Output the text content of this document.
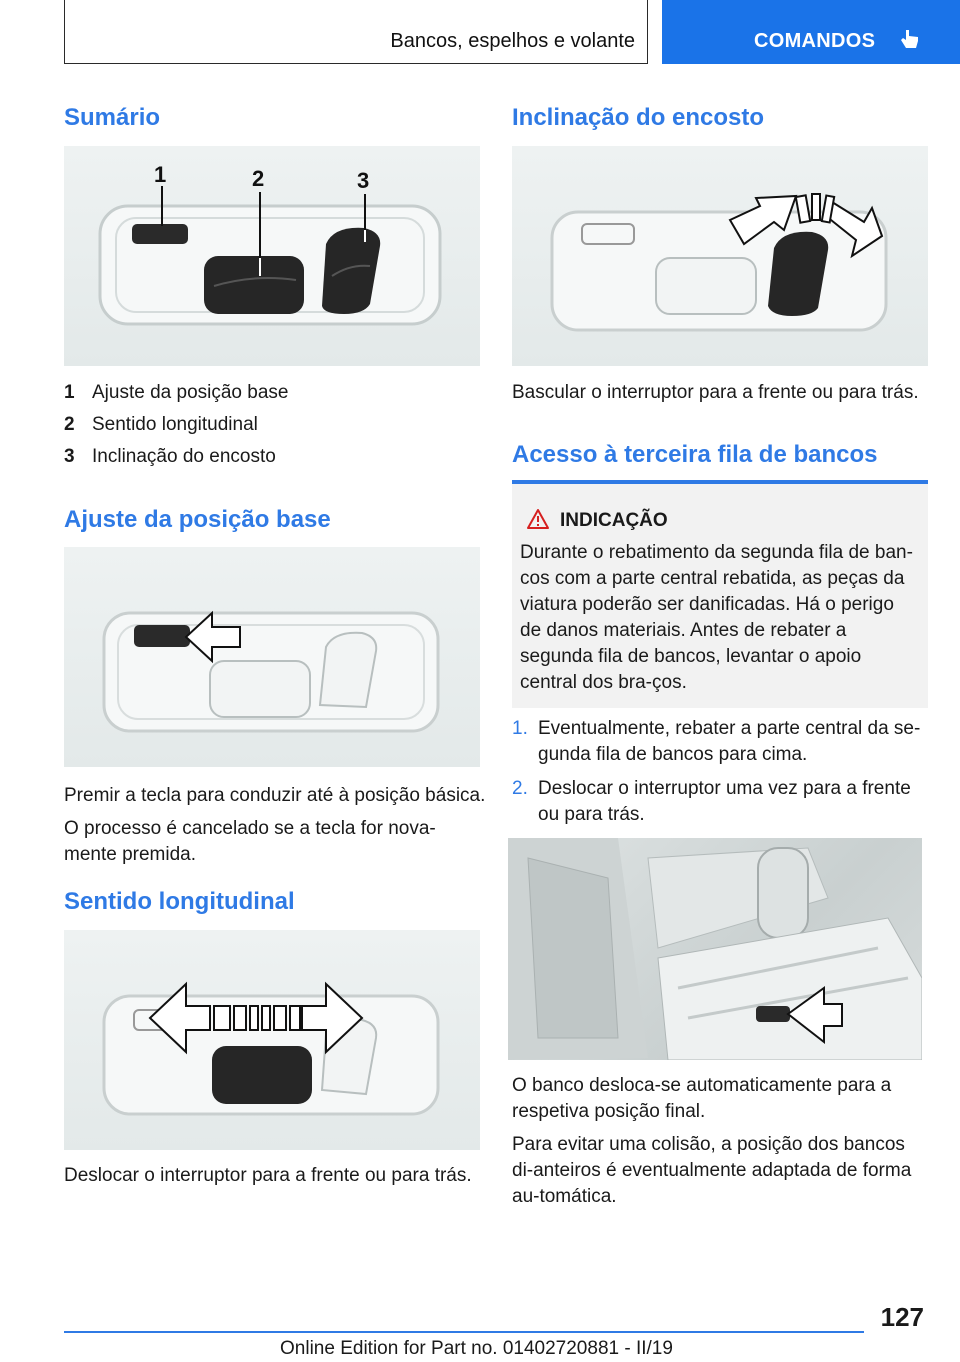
Bancos, espelhos e volante	COMANDOS
Sumário
1	2	3
1 Ajuste da posição base
2 Sentido longitudinal
3 Inclinação do encosto
Ajuste da posição base

Premir a tecla para conduzir até à posição básica.

O processo é cancelado se a tecla for nova-mente premida.

Sentido longitudinal

Deslocar o interruptor para a frente ou para trás.

Inclinação do encosto

Bascular o interruptor para a frente ou para trás.

Acesso à terceira fila de bancos
INDICAÇÃO
Durante o rebatimento da segunda fila de ban-cos com a parte central rebatida, as peças da viatura poderão ser danificadas. Há o perigo de danos materiais. Antes de rebater a segunda fila de bancos, levantar o apoio central dos bra-ços.
1. Eventualmente, rebater a parte central da se-gunda fila de bancos para cima.
2. Deslocar o interruptor uma vez para a frente ou para trás.

O banco desloca-se automaticamente para a respetiva posição final.

Para evitar uma colisão, a posição dos bancos di-anteiros é eventualmente adaptada de forma au-tomática.

127
Online Edition for Part no. 01402720881 - II/19
